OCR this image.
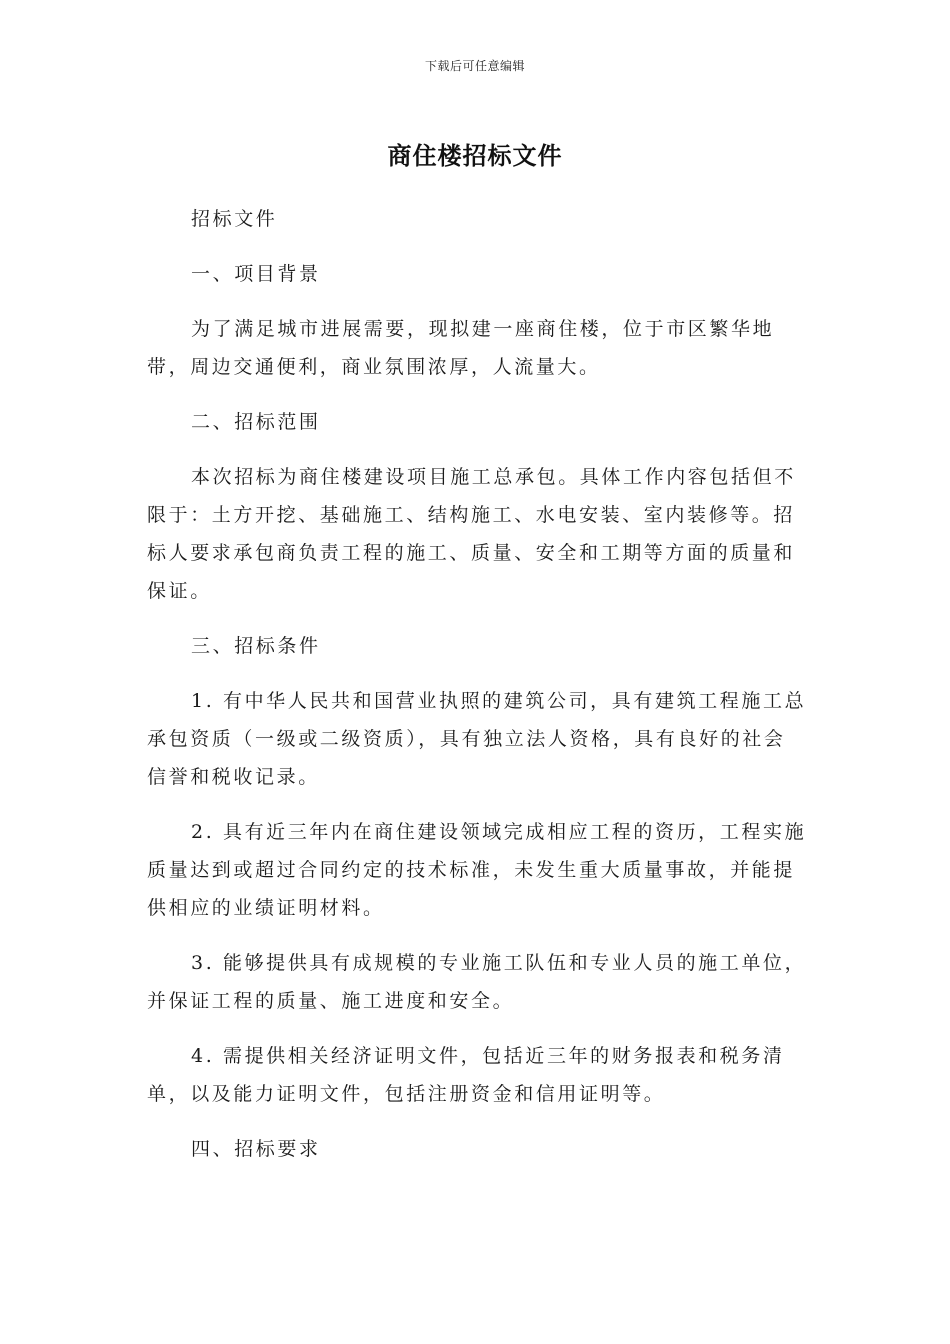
下载后可任意编辑
商住楼招标文件

招标文件

一、项目背景

为了满足城市进展需要，现拟建一座商住楼，位于市区繁华地带，周边交通便利，商业氛围浓厚，人流量大。

二、招标范围

本次招标为商住楼建设项目施工总承包。具体工作内容包括但不限于：土方开挖、基础施工、结构施工、水电安装、室内装修等。招标人要求承包商负责工程的施工、质量、安全和工期等方面的质量和保证。

三、招标条件

1. 有中华人民共和国营业执照的建筑公司，具有建筑工程施工总承包资质（一级或二级资质），具有独立法人资格，具有良好的社会信誉和税收记录。

2. 具有近三年内在商住建设领域完成相应工程的资历，工程实施质量达到或超过合同约定的技术标准，未发生重大质量事故，并能提供相应的业绩证明材料。

3. 能够提供具有成规模的专业施工队伍和专业人员的施工单位，并保证工程的质量、施工进度和安全。

4. 需提供相关经济证明文件，包括近三年的财务报表和税务清单，以及能力证明文件，包括注册资金和信用证明等。

四、招标要求
